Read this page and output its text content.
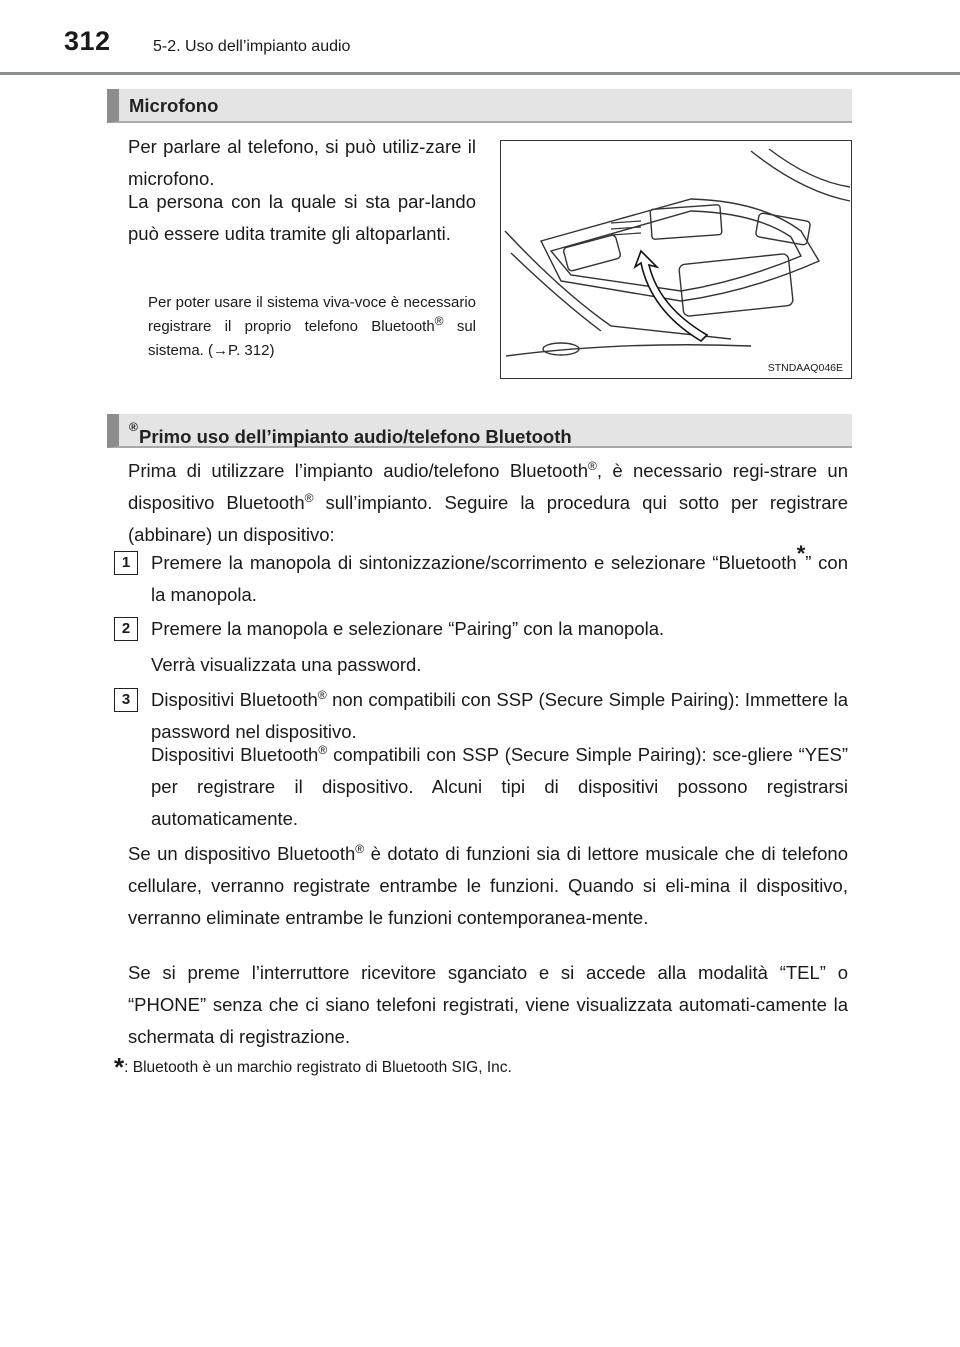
312	5-2. Uso dell’impianto audio
Microfono
Per parlare al telefono, si può utiliz-zare il microfono.
La persona con la quale si sta par-lando può essere udita tramite gli altoparlanti.
Per poter usare il sistema viva-voce è necessario registrare il proprio telefono Bluetooth® sul sistema. (→P. 312)
STNDAAQ046E
Primo uso dell’impianto audio/telefono Bluetooth
®
Prima di utilizzare l’impianto audio/telefono Bluetooth®, è necessario regi-strare un dispositivo Bluetooth® sull’impianto. Seguire la procedura qui sotto per registrare (abbinare) un dispositivo:
1	Premere la manopola di sintonizzazione/scorrimento e selezionare “Bluetooth*” con la manopola.
2	Premere la manopola e selezionare “Pairing” con la manopola.
Verrà visualizzata una password.
3	Dispositivi Bluetooth® non compatibili con SSP (Secure Simple Pairing): Immettere la password nel dispositivo.
Dispositivi Bluetooth® compatibili con SSP (Secure Simple Pairing): sce-gliere “YES” per registrare il dispositivo. Alcuni tipi di dispositivi possono registrarsi automaticamente.
Se un dispositivo Bluetooth® è dotato di funzioni sia di lettore musicale che di telefono cellulare, verranno registrate entrambe le funzioni. Quando si eli-mina il dispositivo, verranno eliminate entrambe le funzioni contemporanea-mente.
Se si preme l’interruttore ricevitore sganciato e si accede alla modalità “TEL” o “PHONE” senza che ci siano telefoni registrati, viene visualizzata automati-camente la schermata di registrazione.
*: Bluetooth è un marchio registrato di Bluetooth SIG, Inc.
